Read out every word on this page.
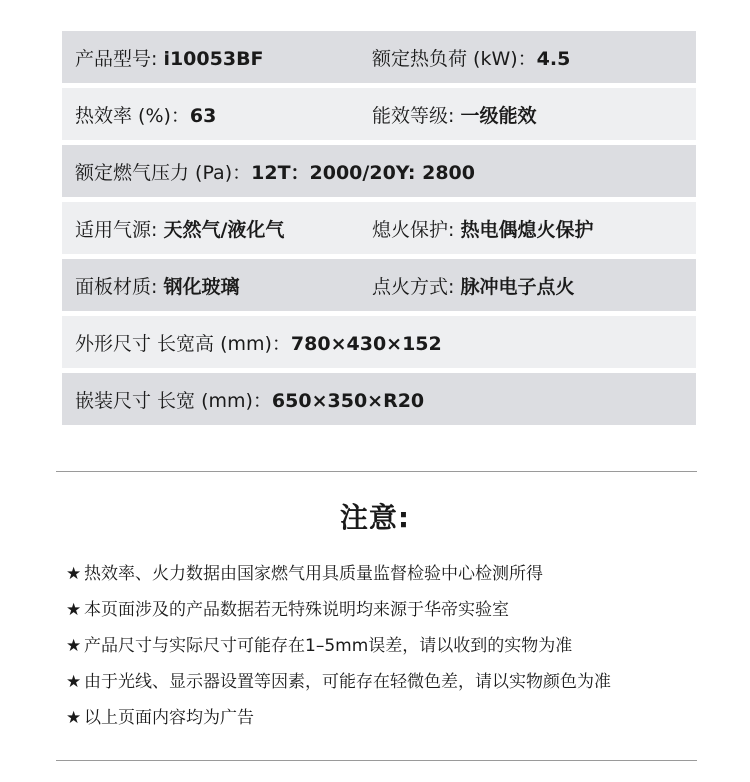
产品型号: i10053BF	额定热负荷 (kW)：4.5
热效率 (%)：63	能效等级: 一级能效
额定燃气压力 (Pa)：12T：2000/20Y: 2800
适用气源: 天然气/液化气	熄火保护: 热电偶熄火保护
面板材质: 钢化玻璃	点火方式: 脉冲电子点火
外形尺寸 长宽高 (mm)：780×430×152
嵌装尺寸 长宽 (mm)：650×350×R20
注意:
★ 热效率、火力数据由国家燃气用具质量监督检验中心检测所得
★ 本页面涉及的产品数据若无特殊说明均来源于华帝实验室
★ 产品尺寸与实际尺寸可能存在1–5mm误差，请以收到的实物为准
★ 由于光线、显示器设置等因素，可能存在轻微色差，请以实物颜色为准
★ 以上页面内容均为广告
